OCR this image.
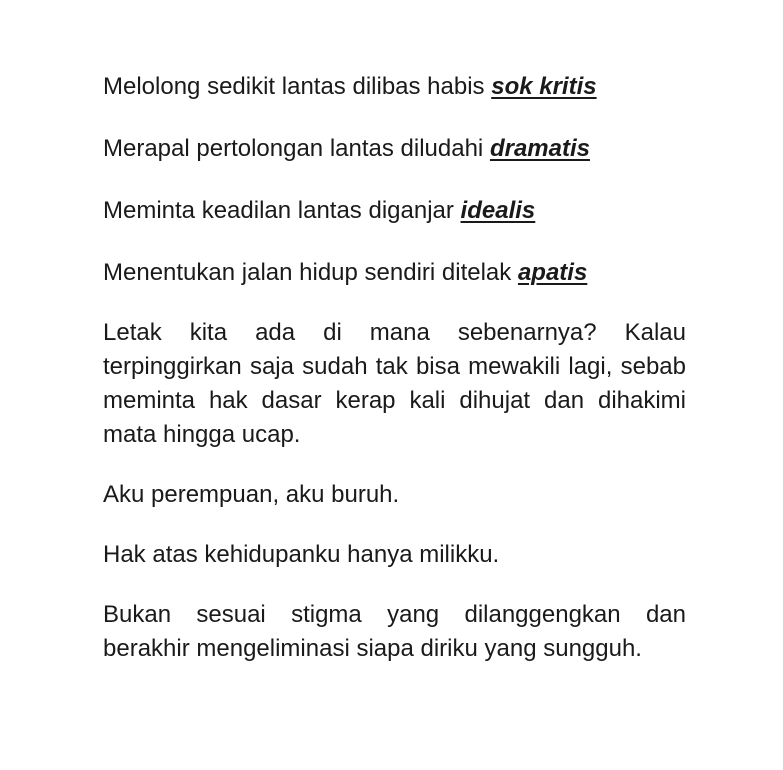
Melolong sedikit lantas dilibas habis sok kritis

Merapal pertolongan lantas diludahi dramatis

Meminta keadilan lantas diganjar idealis

Menentukan jalan hidup sendiri ditelak apatis

Letak kita ada di mana sebenarnya? Kalau terpinggirkan saja sudah tak bisa mewakili lagi, sebab meminta hak dasar kerap kali dihujat dan dihakimi mata hingga ucap.

Aku perempuan, aku buruh.

Hak atas kehidupanku hanya milikku.

Bukan sesuai stigma yang dilanggengkan dan berakhir mengeliminasi siapa diriku yang sungguh.
